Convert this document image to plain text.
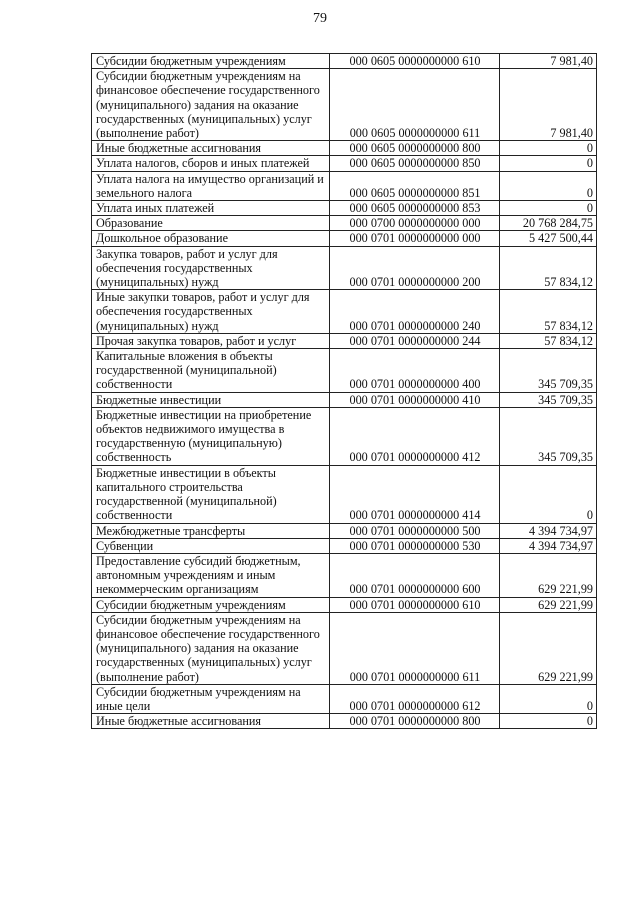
79
Субсидии бюджетным учреждениям	000 0605 0000000000 610	7 981,40
Субсидии бюджетным учреждениям на финансовое обеспечение государственного (муниципального) задания на оказание государственных (муниципальных) услуг (выполнение работ)	000 0605 0000000000 611	7 981,40
Иные бюджетные ассигнования	000 0605 0000000000 800	0
Уплата налогов, сборов и иных платежей	000 0605 0000000000 850	0
Уплата налога на имущество организаций и земельного налога	000 0605 0000000000 851	0
Уплата иных платежей	000 0605 0000000000 853	0
Образование	000 0700 0000000000 000	20 768 284,75
Дошкольное образование	000 0701 0000000000 000	5 427 500,44
Закупка товаров, работ и услуг для обеспечения государственных (муниципальных) нужд	000 0701 0000000000 200	57 834,12
Иные закупки товаров, работ и услуг для обеспечения государственных (муниципальных) нужд	000 0701 0000000000 240	57 834,12
Прочая закупка товаров, работ и услуг	000 0701 0000000000 244	57 834,12
Капитальные вложения в объекты государственной (муниципальной) собственности	000 0701 0000000000 400	345 709,35
Бюджетные инвестиции	000 0701 0000000000 410	345 709,35
Бюджетные инвестиции на приобретение объектов недвижимого имущества в государственную (муниципальную) собственность	000 0701 0000000000 412	345 709,35
Бюджетные инвестиции в объекты капитального строительства государственной (муниципальной) собственности	000 0701 0000000000 414	0
Межбюджетные трансферты	000 0701 0000000000 500	4 394 734,97
Субвенции	000 0701 0000000000 530	4 394 734,97
Предоставление субсидий бюджетным, автономным учреждениям и иным некоммерческим организациям	000 0701 0000000000 600	629 221,99
Субсидии бюджетным учреждениям	000 0701 0000000000 610	629 221,99
Субсидии бюджетным учреждениям на финансовое обеспечение государственного (муниципального) задания на оказание государственных (муниципальных) услуг (выполнение работ)	000 0701 0000000000 611	629 221,99
Субсидии бюджетным учреждениям на иные цели	000 0701 0000000000 612	0
Иные бюджетные ассигнования	000 0701 0000000000 800	0
